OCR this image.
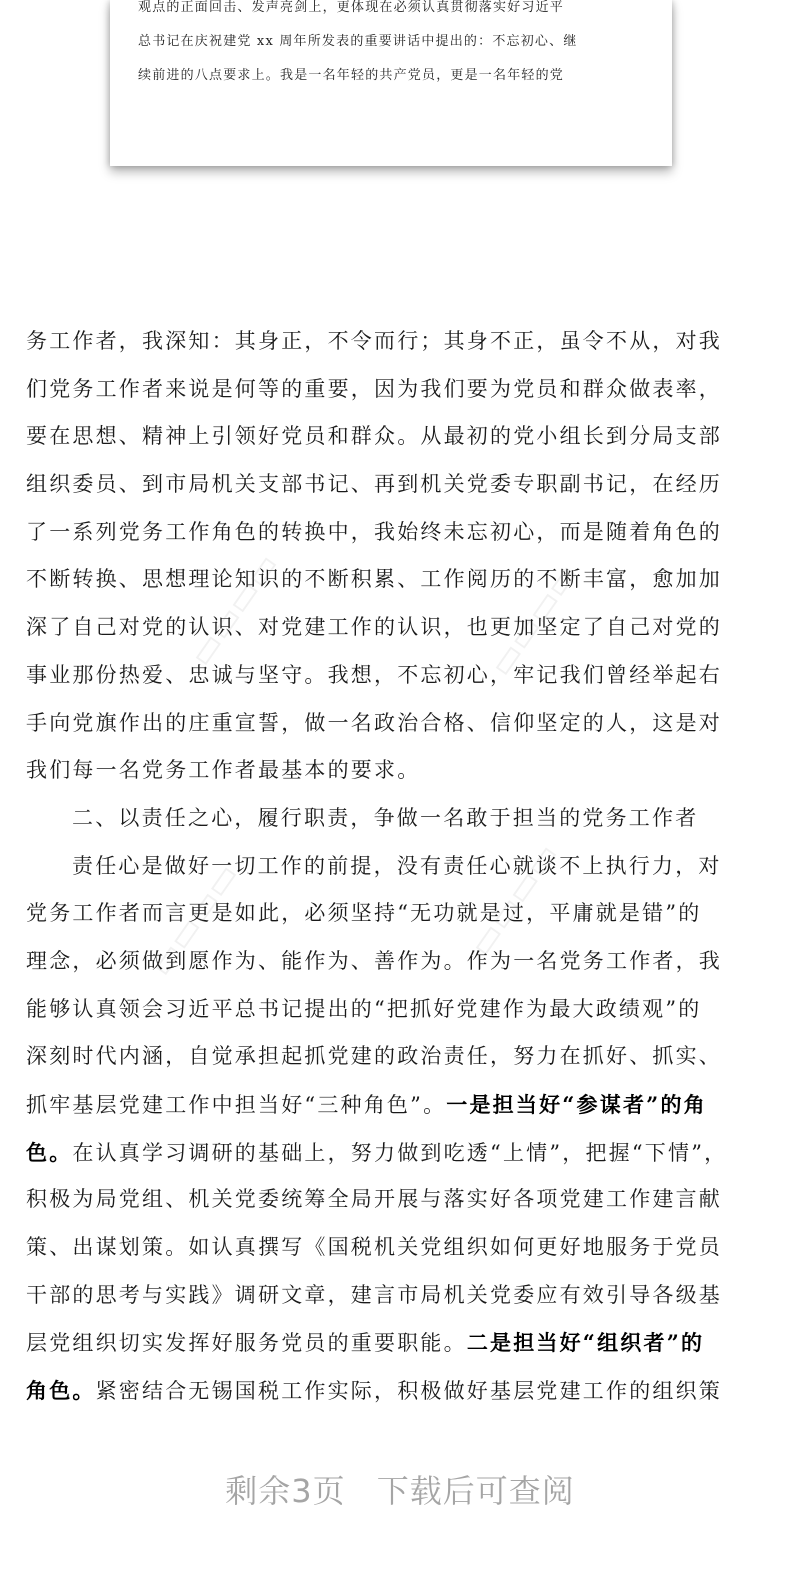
观点的正面回击、发声亮剑上，更体现在必须认真贯彻落实好习近平
总书记在庆祝建党 xx 周年所发表的重要讲话中提出的：不忘初心、继
续前进的八点要求上。我是一名年轻的共产党员，更是一名年轻的党
务工作者，我深知：其身正，不令而行；其身不正，虽令不从，对我
们党务工作者来说是何等的重要，因为我们要为党员和群众做表率，
要在思想、精神上引领好党员和群众。从最初的党小组长到分局支部
组织委员、到市局机关支部书记、再到机关党委专职副书记，在经历
了一系列党务工作角色的转换中，我始终未忘初心，而是随着角色的
不断转换、思想理论知识的不断积累、工作阅历的不断丰富，愈加加
深了自己对党的认识、对党建工作的认识，也更加坚定了自己对党的
事业那份热爱、忠诚与坚守。我想，不忘初心，牢记我们曾经举起右
手向党旗作出的庄重宣誓，做一名政治合格、信仰坚定的人，这是对
我们每一名党务工作者最基本的要求。
二、以责任之心，履行职责，争做一名敢于担当的党务工作者
责任心是做好一切工作的前提，没有责任心就谈不上执行力，对
党务工作者而言更是如此，必须坚持“无功就是过，平庸就是错”的
理念，必须做到愿作为、能作为、善作为。作为一名党务工作者，我
能够认真领会习近平总书记提出的“把抓好党建作为最大政绩观”的
深刻时代内涵，自觉承担起抓党建的政治责任，努力在抓好、抓实、
抓牢基层党建工作中担当好“三种角色”。一是担当好“参谋者”的角
色。在认真学习调研的基础上，努力做到吃透“上情”，把握“下情”，
积极为局党组、机关党委统筹全局开展与落实好各项党建工作建言献
策、出谋划策。如认真撰写《国税机关党组织如何更好地服务于党员
干部的思考与实践》调研文章，建言市局机关党委应有效引导各级基
层党组织切实发挥好服务党员的重要职能。二是担当好“组织者”的
角色。紧密结合无锡国税工作实际，积极做好基层党建工作的组织策
▭▭▭▭	▭▭▭▭
▭▭▭▭	▭▭▭▭
剩余3页 下载后可查阅
